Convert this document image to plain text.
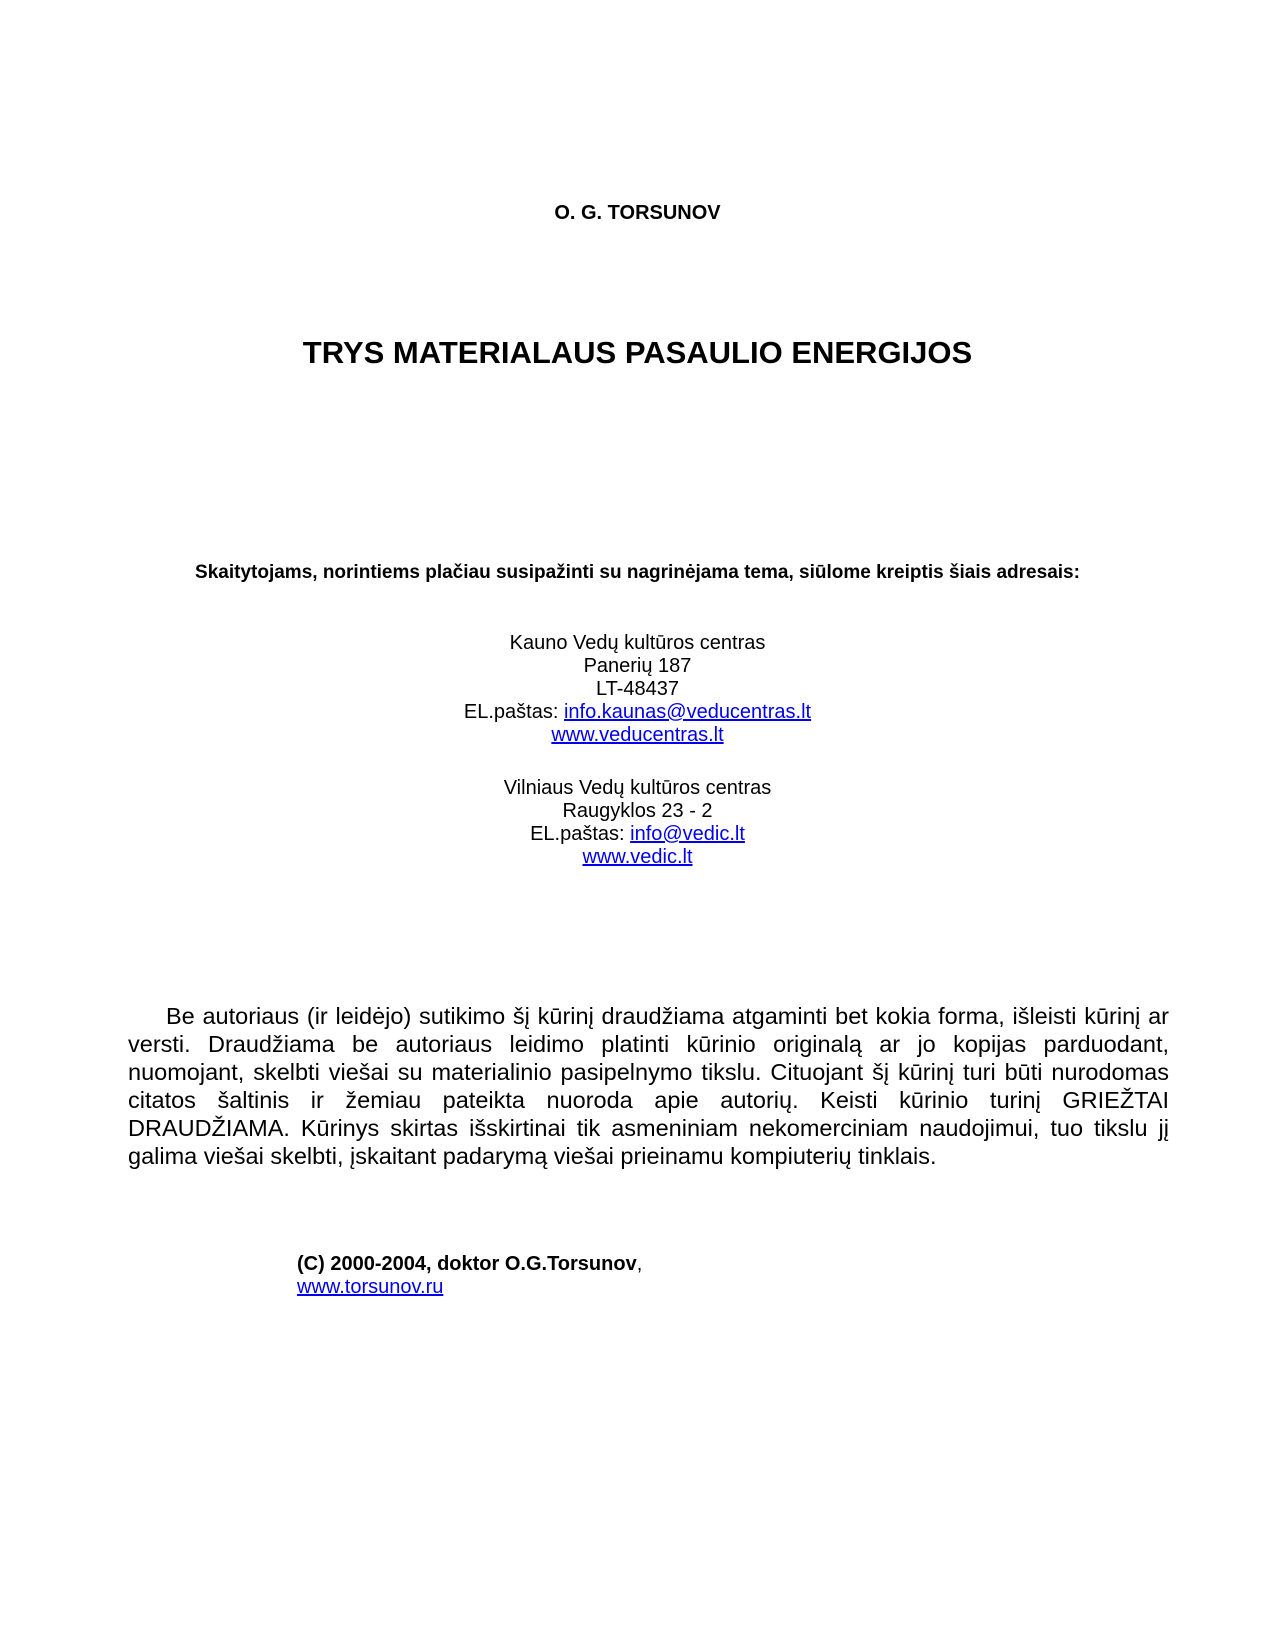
O. G. TORSUNOV
TRYS MATERIALAUS PASAULIO ENERGIJOS
Skaitytojams, norintiems plačiau susipažinti su nagrinėjama tema, siūlome kreiptis šiais adresais:
Kauno Vedų kultūros centras
Panerių 187
LT-48437
EL.paštas: info.kaunas@veducentras.lt
www.veducentras.lt
Vilniaus Vedų kultūros centras
Raugyklos 23 - 2
EL.paštas: info@vedic.lt
www.vedic.lt
Be autoriaus (ir leidėjo) sutikimo šį kūrinį draudžiama atgaminti bet kokia forma, išleisti kūrinį ar versti. Draudžiama be autoriaus leidimo platinti kūrinio originalą ar jo kopijas parduodant, nuomojant, skelbti viešai su materialinio pasipelnymo tikslu. Cituojant šį kūrinį turi būti nurodomas citatos šaltinis ir žemiau pateikta nuoroda apie autorių. Keisti kūrinio turinį GRIEŽTAI DRAUDŽIAMA. Kūrinys skirtas išskirtinai tik asmeniniam nekomerciniam naudojimui, tuo tikslu jį galima viešai skelbti, įskaitant padarymą viešai prieinamu kompiuterių tinklais.
(C) 2000-2004, doktor O.G.Torsunov,
www.torsunov.ru
